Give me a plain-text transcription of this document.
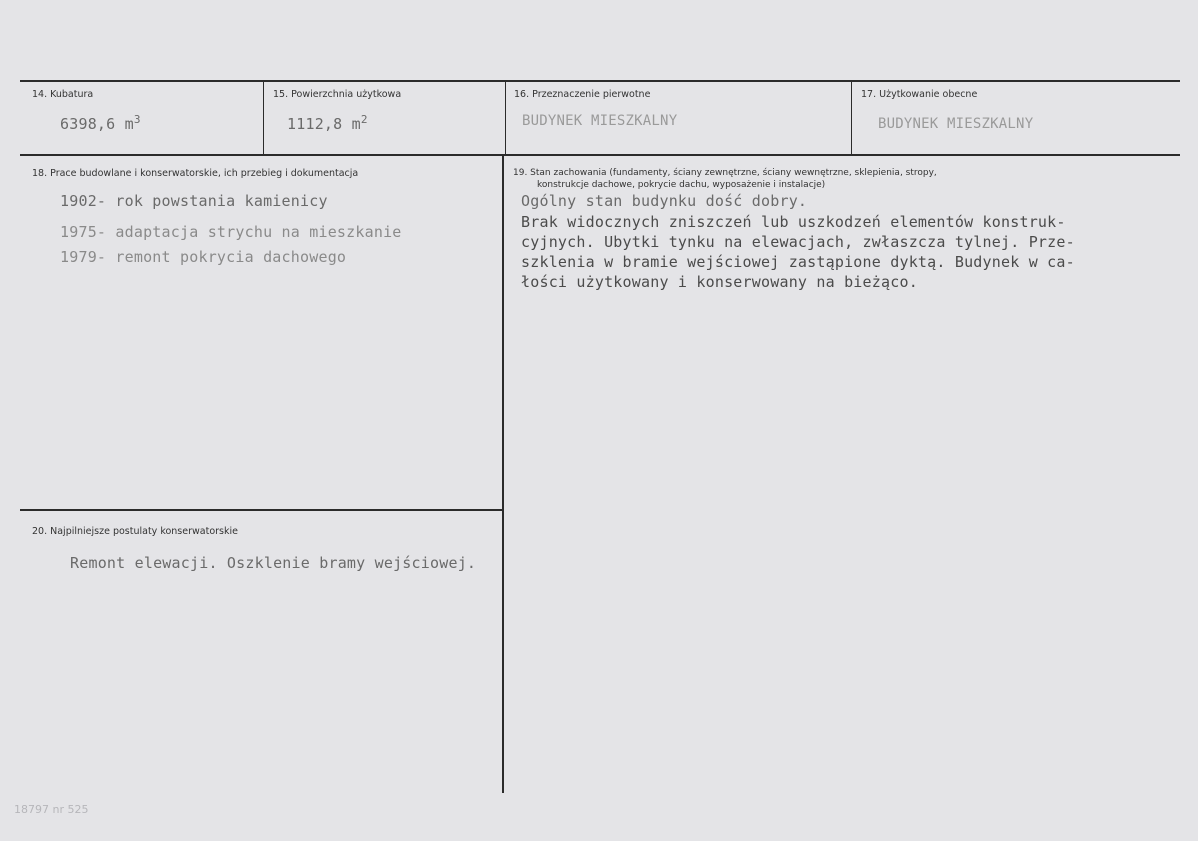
14. Kubatura
6398,6 $m^3$
15. Powierzchnia użytkowa
1112,8 $m^2$
16. Przeznaczenie pierwotne
BUDYNEK MIESZKALNY
17. Użytkowanie obecne
BUDYNEK MIESZKALNY
18. Prace budowlane i konserwatorskie, ich przebieg i dokumentacja
1902- rok powstania kamienicy
1975- adaptacja strychu na mieszkanie
1979- remont pokrycia dachowego
19. Stan zachowania (fundamenty, ściany zewnętrzne, ściany wewnętrzne, sklepienia, stropy,
konstrukcje dachowe, pokrycie dachu, wyposażenie i instalacje)
Ogólny stan budynku dość dobry.
Brak widocznych zniszczeń lub uszkodzeń elementów konstruk-
cyjnych. Ubytki tynku na elewacjach, zwłaszcza tylnej. Prze-
szklenia w bramie wejściowej zastąpione dyktą. Budynek w ca-
łości użytkowany i konserwowany na bieżąco.
20. Najpilniejsze postulaty konserwatorskie
Remont elewacji. Oszklenie bramy wejściowej.
18797 nr 525
